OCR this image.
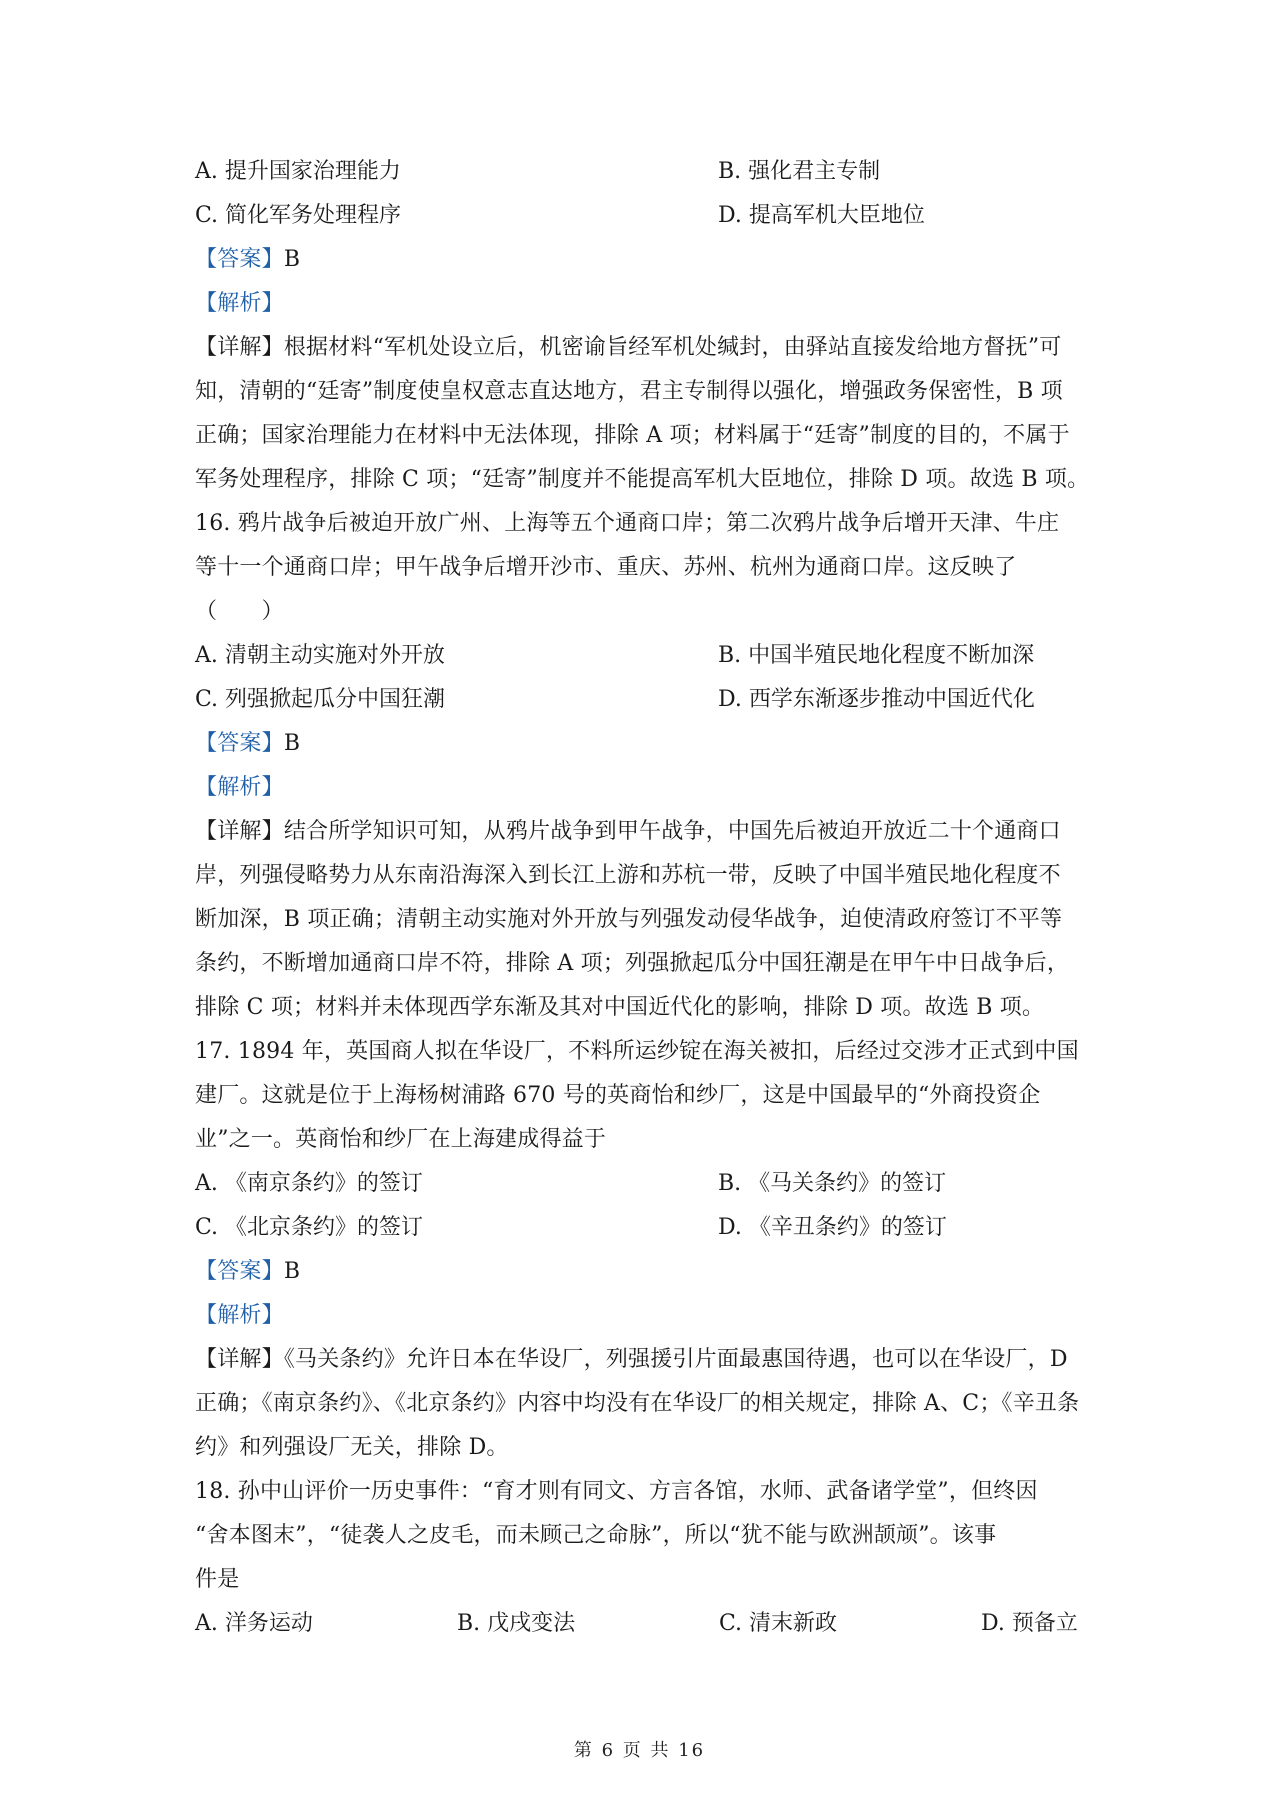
A. 提升国家治理能力	B. 强化君主专制
C. 简化军务处理程序	D. 提高军机大臣地位
【答案】B
【解析】
【详解】根据材料“军机处设立后，机密谕旨经军机处缄封，由驿站直接发给地方督抚”可
知，清朝的“廷寄”制度使皇权意志直达地方，君主专制得以强化，增强政务保密性，B 项
正确；国家治理能力在材料中无法体现，排除 A 项；材料属于“廷寄”制度的目的，不属于
军务处理程序，排除 C 项；“廷寄”制度并不能提高军机大臣地位，排除 D 项。故选 B 项。
16. 鸦片战争后被迫开放广州、上海等五个通商口岸；第二次鸦片战争后增开天津、牛庄
等十一个通商口岸；甲午战争后增开沙市、重庆、苏州、杭州为通商口岸。这反映了
（　　）
A. 清朝主动实施对外开放	B. 中国半殖民地化程度不断加深
C. 列强掀起瓜分中国狂潮	D. 西学东渐逐步推动中国近代化
【答案】B
【解析】
【详解】结合所学知识可知，从鸦片战争到甲午战争，中国先后被迫开放近二十个通商口
岸，列强侵略势力从东南沿海深入到长江上游和苏杭一带，反映了中国半殖民地化程度不
断加深，B 项正确；清朝主动实施对外开放与列强发动侵华战争，迫使清政府签订不平等
条约，不断增加通商口岸不符，排除 A 项；列强掀起瓜分中国狂潮是在甲午中日战争后，
排除 C 项；材料并未体现西学东渐及其对中国近代化的影响，排除 D 项。故选 B 项。
17. 1894 年，英国商人拟在华设厂，不料所运纱锭在海关被扣，后经过交涉才正式到中国
建厂。这就是位于上海杨树浦路 670 号的英商怡和纱厂，这是中国最早的“外商投资企
业”之一。英商怡和纱厂在上海建成得益于
A. 《南京条约》的签订	B. 《马关条约》的签订
C. 《北京条约》的签订	D. 《辛丑条约》的签订
【答案】B
【解析】
【详解】《马关条约》允许日本在华设厂，列强援引片面最惠国待遇，也可以在华设厂，D
正确；《南京条约》、《北京条约》内容中均没有在华设厂的相关规定，排除 A、C；《辛丑条
约》和列强设厂无关，排除 D。
18. 孙中山评价一历史事件：“育才则有同文、方言各馆，水师、武备诸学堂”，但终因
“舍本图末”，“徒袭人之皮毛，而未顾己之命脉”，所以“犹不能与欧洲颉颃”。该事
件是
A. 洋务运动	B. 戊戌变法	C. 清末新政	D. 预备立
第 6 页 共 16
